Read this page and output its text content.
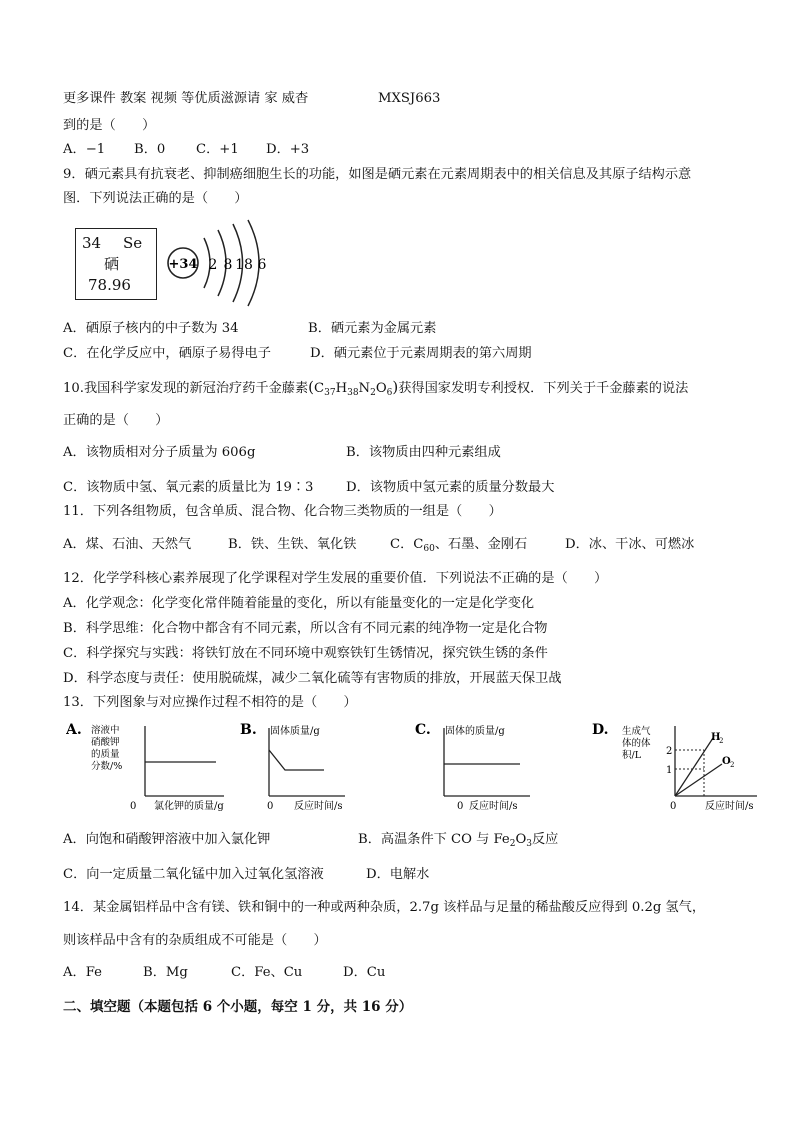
更多课件 教案 视频 等优质滋源请 家 威杳	MXSJ663
到的是（　　）
A．−1 B．0 C．+1 D．+3
9．硒元素具有抗衰老、抑制癌细胞生长的功能，如图是硒元素在元素周期表中的相关信息及其原子结构示意
图．下列说法正确的是（　　）
34 Se
硒
78.96
+34 2 8 18 6
A．硒原子核内的中子数为 34	B．硒元素为金属元素
C．在化学反应中，硒原子易得电子	D．硒元素位于元素周期表的第六周期
10.我国科学家发现的新冠治疗药千金藤素$(C_{37}H_{38}N_2O_6)$获得国家发明专利授权．下列关于千金藤素的说法
正确的是（　　）
A．该物质相对分子质量为 606g	B．该物质由四种元素组成
C．该物质中氢、氧元素的质量比为 19∶3 D．该物质中氢元素的质量分数最大
11．下列各组物质，包含单质、混合物、化合物三类物质的一组是（　　）
A．煤、石油、天然气	B．铁、生铁、氧化铁	C．$C_{60}$、石墨、金刚石	D．冰、干冰、可燃冰
12．化学学科核心素养展现了化学课程对学生发展的重要价值．下列说法不正确的是（　　）
A．化学观念：化学变化常伴随着能量的变化，所以有能量变化的一定是化学变化
B．科学思维：化合物中都含有不同元素，所以含有不同元素的纯净物一定是化合物
C．科学探究与实践：将铁钉放在不同环境中观察铁钉生锈情况，探究铁生锈的条件
D．科学态度与责任：使用脱硫煤，减少二氧化硫等有害物质的排放，开展蓝天保卫战
13．下列图象与对应操作过程不相符的是（　　）
A. 溶液中
硝酸钾
的质量
分数/%
0 氯化钾的质量/g
B. 固体质量/g
0 反应时间/s
C. 固体的质量/g
0 反应时间/s
D. 生成气
体的体
积/L 2
1
H
2
O 2
0	反应时间/s
A．向饱和硝酸钾溶液中加入氯化钾	B．高温条件下 CO 与 $Fe_2O_3$反应
C．向一定质量二氧化锰中加入过氧化氢溶液	D．电解水
14．某金属铝样品中含有镁、铁和铜中的一种或两种杂质，2.7g 该样品与足量的稀盐酸反应得到 0.2g 氢气，
则该样品中含有的杂质组成不可能是（　　）
A．Fe	B．Mg	C．Fe、Cu	D．Cu
二、填空题（本题包括 6 个小题，每空 1 分，共 16 分）
